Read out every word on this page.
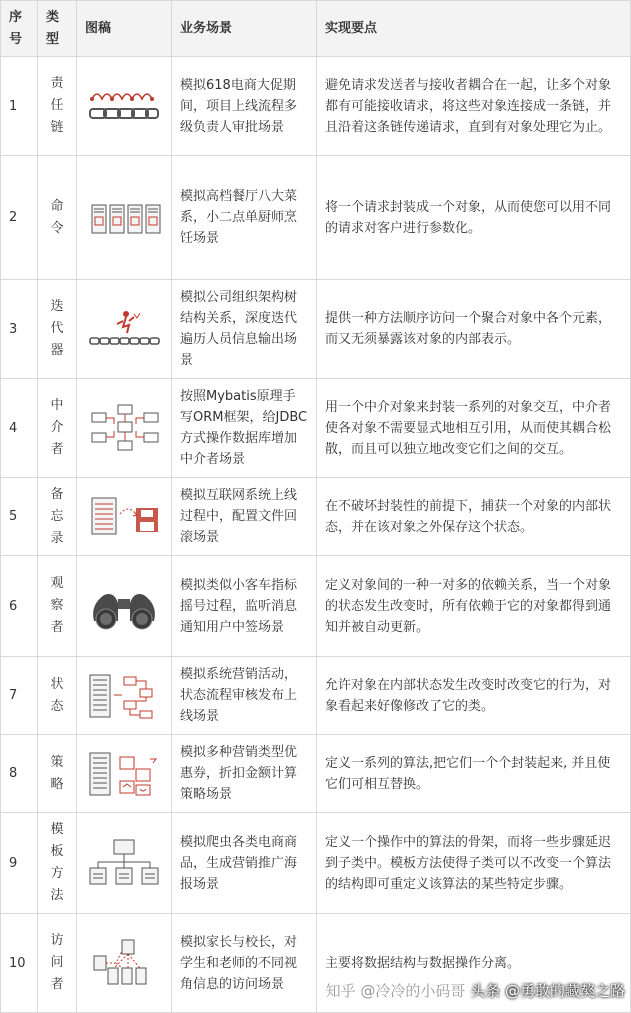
序号	类型	图稿	业务场景	实现要点
1	责任链		模拟618电商大促期间，项目上线流程多级负责人审批场景	避免请求发送者与接收者耦合在一起，让多个对象都有可能接收请求，将这些对象连接成一条链，并且沿着这条链传递请求，直到有对象处理它为止。
2	命令		模拟高档餐厅八大菜系，小二点单厨师烹饪场景	将一个请求封装成一个对象，从而使您可以用不同的请求对客户进行参数化。
3	迭代器		模拟公司组织架构树结构关系，深度迭代遍历人员信息输出场景	提供一种方法顺序访问一个聚合对象中各个元素，而又无须暴露该对象的内部表示。
4	中介者		按照Mybatis原理手写ORM框架，给JDBC方式操作数据库增加中介者场景	用一个中介对象来封装一系列的对象交互，中介者使各对象不需要显式地相互引用，从而使其耦合松散，而且可以独立地改变它们之间的交互。
5	备忘录		模拟互联网系统上线过程中，配置文件回滚场景	在不破坏封装性的前提下，捕获一个对象的内部状态，并在该对象之外保存这个状态。
6	观察者		模拟类似小客车指标摇号过程，监听消息通知用户中签场景	定义对象间的一种一对多的依赖关系，当一个对象的状态发生改变时，所有依赖于它的对象都得到通知并被自动更新。
7	状态		模拟系统营销活动，状态流程审核发布上线场景	允许对象在内部状态发生改变时改变它的行为，对象看起来好像修改了它的类。
8	策略		模拟多种营销类型优惠券，折扣金额计算策略场景	定义一系列的算法,把它们一个个封装起来, 并且使它们可相互替换。
9	模板方法		模拟爬虫各类电商商品，生成营销推广海报场景	定义一个操作中的算法的骨架，而将一些步骤延迟到子类中。模板方法使得子类可以不改变一个算法的结构即可重定义该算法的某些特定步骤。
10	访问者		模拟家长与校长，对学生和老师的不同视角信息的访问场景	主要将数据结构与数据操作分离。
知乎 @冷冷的小码哥 头条 @勇敢的藏獒之路
